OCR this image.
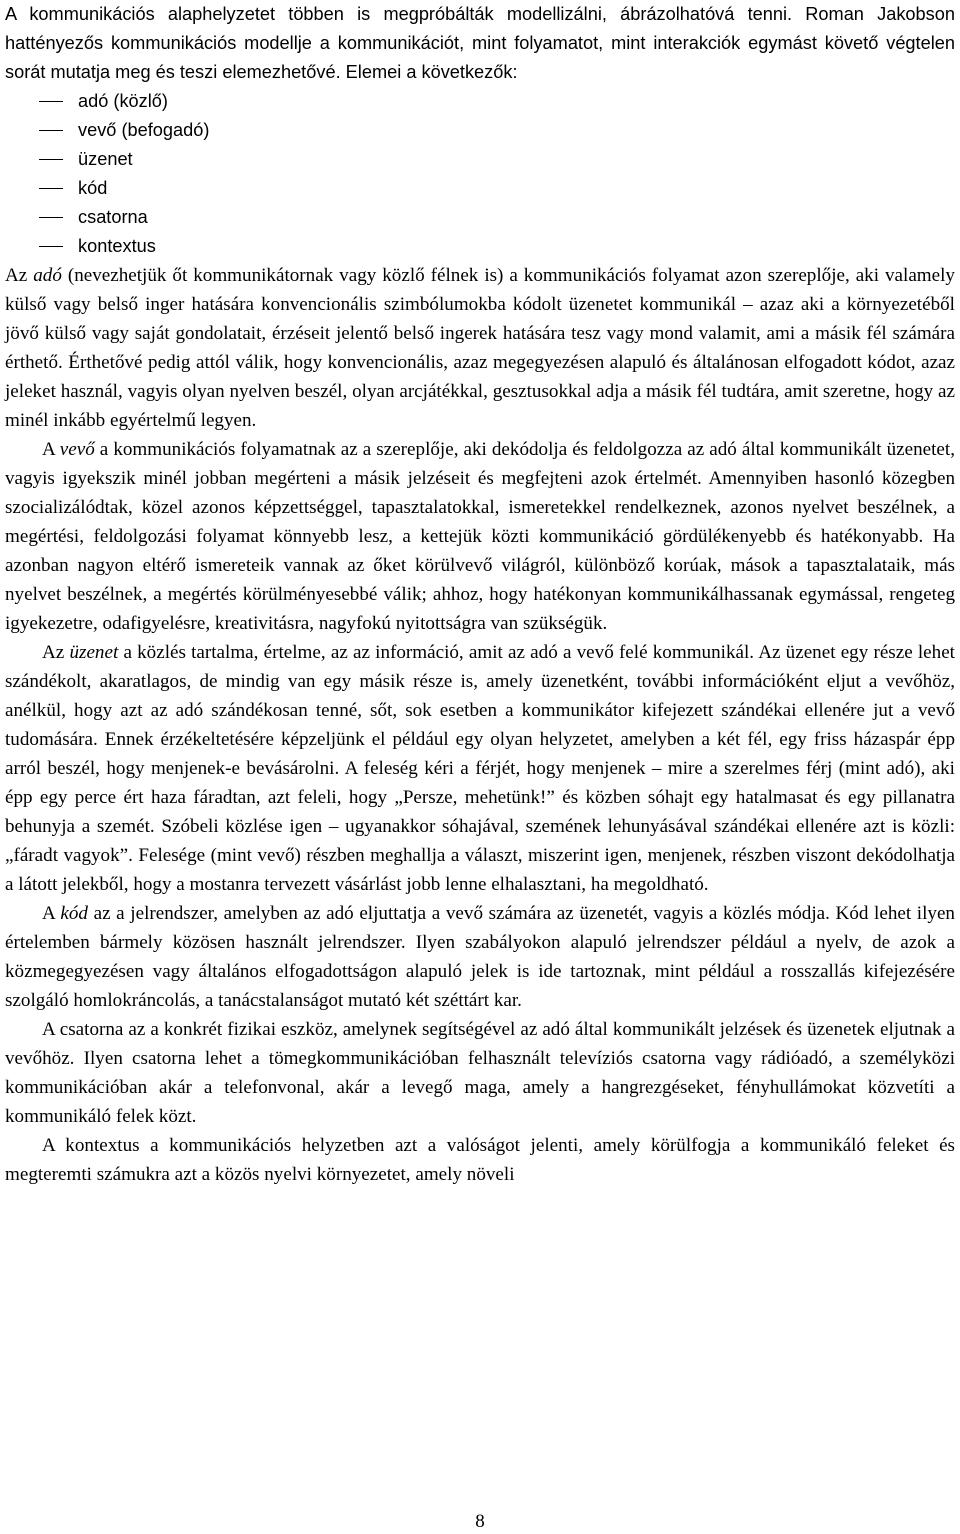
A kommunikációs alaphelyzetet többen is megpróbálták modellizálni, ábrázolhatóvá tenni. Roman Jakobson hattényezős kommunikációs modellje a kommunikációt, mint folyamatot, mint interakciók egymást követő végtelen sorát mutatja meg és teszi elemezhetővé. Elemei a következők:

adó (közlő)
vevő (befogadó)
üzenet
kód
csatorna
kontextus

Az adó (nevezhetjük őt kommunikátornak vagy közlő félnek is) a kommunikációs folyamat azon szereplője, aki valamely külső vagy belső inger hatására konvencionális szimbólumokba kódolt üzenetet kommunikál – azaz aki a környezetéből jövő külső vagy saját gondolatait, érzéseit jelentő belső ingerek hatására tesz vagy mond valamit, ami a másik fél számára érthető. Érthetővé pedig attól válik, hogy konvencionális, azaz megegyezésen alapuló és általánosan elfogadott kódot, azaz jeleket használ, vagyis olyan nyelven beszél, olyan arcjátékkal, gesztusokkal adja a másik fél tudtára, amit szeretne, hogy az minél inkább egyértelmű legyen.

A vevő a kommunikációs folyamatnak az a szereplője, aki dekódolja és feldolgozza az adó által kommunikált üzenetet, vagyis igyekszik minél jobban megérteni a másik jelzéseit és megfejteni azok értelmét. Amennyiben hasonló közegben szocializálódtak, közel azonos képzettséggel, tapasztalatokkal, ismeretekkel rendelkeznek, azonos nyelvet beszélnek, a megértési, feldolgozási folyamat könnyebb lesz, a kettejük közti kommunikáció gördülékenyebb és hatékonyabb. Ha azonban nagyon eltérő ismereteik vannak az őket körülvevő világról, különböző korúak, mások a tapasztalataik, más nyelvet beszélnek, a megértés körülményesebbé válik; ahhoz, hogy hatékonyan kommunikálhassanak egymással, rengeteg igyekezetre, odafigyelésre, kreativitásra, nagyfokú nyitottságra van szükségük.

Az üzenet a közlés tartalma, értelme, az az információ, amit az adó a vevő felé kommunikál. Az üzenet egy része lehet szándékolt, akaratlagos, de mindig van egy másik része is, amely üzenetként, további információként eljut a vevőhöz, anélkül, hogy azt az adó szándékosan tenné, sőt, sok esetben a kommunikátor kifejezett szándékai ellenére jut a vevő tudomására. Ennek érzékeltetésére képzeljünk el például egy olyan helyzetet, amelyben a két fél, egy friss házaspár épp arról beszél, hogy menjenek-e bevásárolni. A feleség kéri a férjét, hogy menjenek – mire a szerelmes férj (mint adó), aki épp egy perce ért haza fáradtan, azt feleli, hogy „Persze, mehetünk!” és közben sóhajt egy hatalmasat és egy pillanatra behunyja a szemét. Szóbeli közlése igen – ugyanakkor sóhajával, szemének lehunyásával szándékai ellenére azt is közli: „fáradt vagyok”. Felesége (mint vevő) részben meghallja a választ, miszerint igen, menjenek, részben viszont dekódolhatja a látott jelekből, hogy a mostanra tervezett vásárlást jobb lenne elhalasztani, ha megoldható.

A kód az a jelrendszer, amelyben az adó eljuttatja a vevő számára az üzenetét, vagyis a közlés módja. Kód lehet ilyen értelemben bármely közösen használt jelrendszer. Ilyen szabályokon alapuló jelrendszer például a nyelv, de azok a közmegegyezésen vagy általános elfogadottságon alapuló jelek is ide tartoznak, mint például a rosszallás kifejezésére szolgáló homlokráncolás, a tanácstalanságot mutató két széttárt kar.

A csatorna az a konkrét fizikai eszköz, amelynek segítségével az adó által kommunikált jelzések és üzenetek eljutnak a vevőhöz. Ilyen csatorna lehet a tömegkommunikációban felhasznált televíziós csatorna vagy rádióadó, a személyközi kommunikációban akár a telefonvonal, akár a levegő maga, amely a hangrezgéseket, fényhullámokat közvetíti a kommunikáló felek közt.

A kontextus a kommunikációs helyzetben azt a valóságot jelenti, amely körülfogja a kommunikáló feleket és megteremti számukra azt a közös nyelvi környezetet, amely növeli

8
